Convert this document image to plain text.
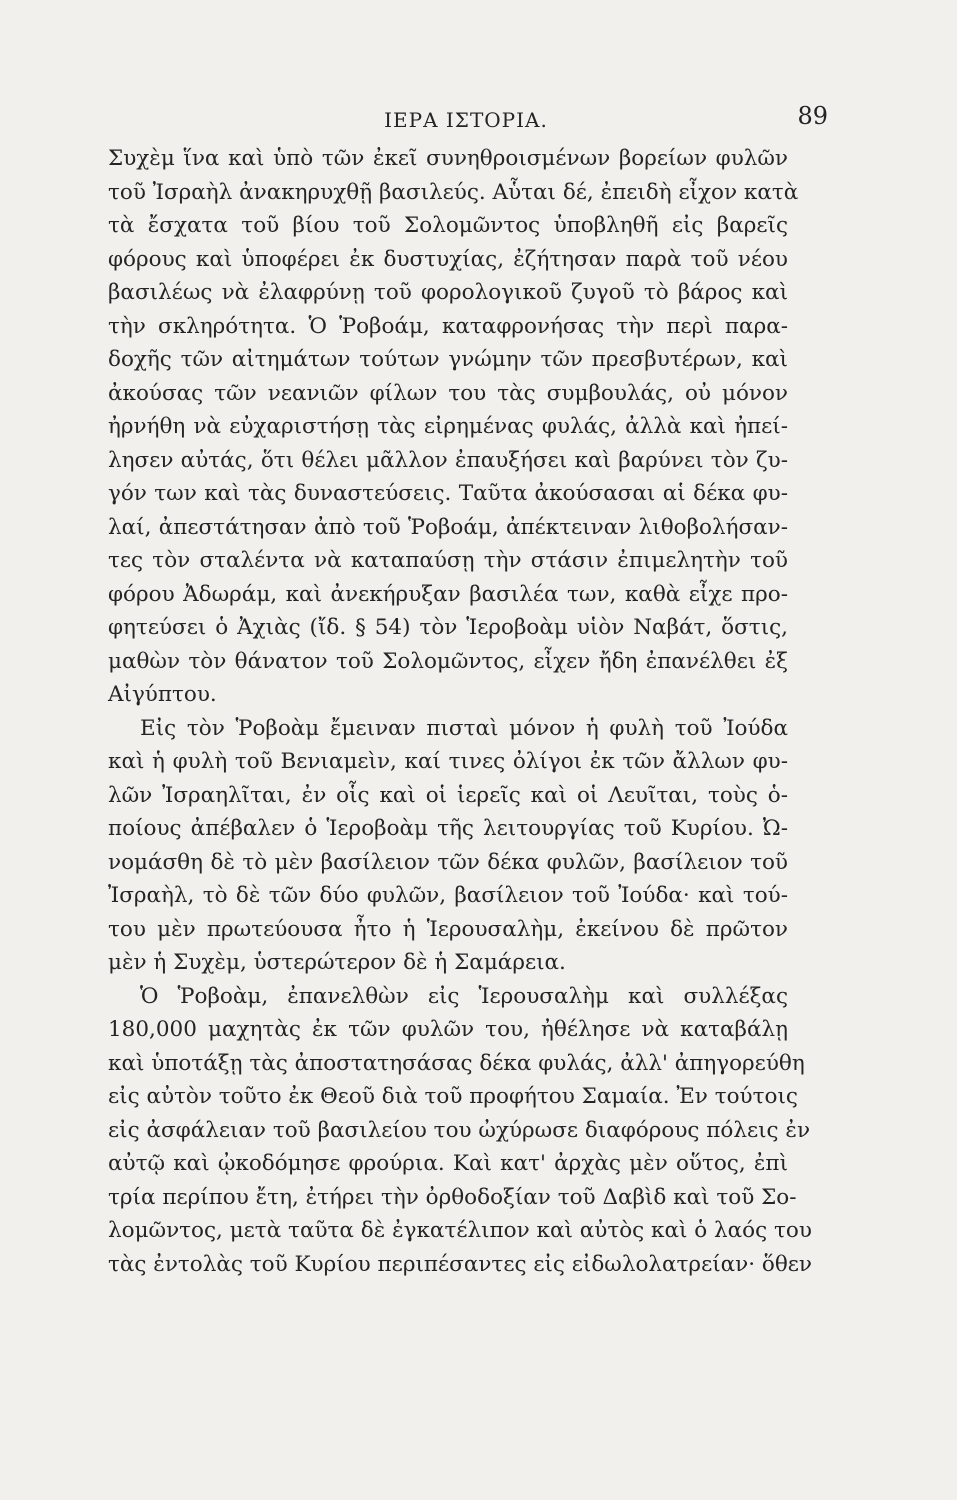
ΙΕΡΑ ΙΣΤΟΡΙΑ.	89
Συχὲμ ἵνα καὶ ὑπὸ τῶν ἐκεῖ συνηθροισμένων βορείων φυλῶν
τοῦ Ἰσραὴλ ἀνακηρυχθῇ βασιλεύς. Αὗται δέ, ἐπειδὴ εἶχον κατὰ
τὰ ἔσχατα τοῦ βίου τοῦ Σολομῶντος ὑποβληθῆ εἰς βαρεῖς
φόρους καὶ ὑποφέρει ἐκ δυστυχίας, ἐζήτησαν παρὰ τοῦ νέου
βασιλέως νὰ ἐλαφρύνῃ τοῦ φορολογικοῦ ζυγοῦ τὸ βάρος καὶ
τὴν σκληρότητα. Ὁ Ῥοβοάμ, καταφρονήσας τὴν περὶ παρα-
δοχῆς τῶν αἰτημάτων τούτων γνώμην τῶν πρεσβυτέρων, καὶ
ἀκούσας τῶν νεανιῶν φίλων του τὰς συμβουλάς, οὐ μόνον
ἠρνήθη νὰ εὐχαριστήσῃ τὰς εἰρημένας φυλάς, ἀλλὰ καὶ ἠπεί-
λησεν αὐτάς, ὅτι θέλει μᾶλλον ἐπαυξήσει καὶ βαρύνει τὸν ζυ-
γόν των καὶ τὰς δυναστεύσεις. Ταῦτα ἀκούσασαι αἱ δέκα φυ-
λαί, ἀπεστάτησαν ἀπὸ τοῦ Ῥοβοάμ, ἀπέκτειναν λιθοβολήσαν-
τες τὸν σταλέντα νὰ καταπαύσῃ τὴν στάσιν ἐπιμελητὴν τοῦ
φόρου Ἀδωράμ, καὶ ἀνεκήρυξαν βασιλέα των, καθὰ εἶχε προ-
φητεύσει ὁ Ἀχιὰς (ἴδ. § 54) τὸν Ἱεροβοὰμ υἱὸν Ναβάτ, ὅστις,
μαθὼν τὸν θάνατον τοῦ Σολομῶντος, εἶχεν ἤδη ἐπανέλθει ἐξ
Αἰγύπτου.
Εἰς τὸν Ῥοβοὰμ ἔμειναν πισταὶ μόνον ἡ φυλὴ τοῦ Ἰούδα
καὶ ἡ φυλὴ τοῦ Βενιαμεὶν, καί τινες ὀλίγοι ἐκ τῶν ἄλλων φυ-
λῶν Ἰσραηλῖται, ἐν οἷς καὶ οἱ ἱερεῖς καὶ οἱ Λευῖται, τοὺς ὁ-
ποίους ἀπέβαλεν ὁ Ἱεροβοὰμ τῆς λειτουργίας τοῦ Κυρίου. Ὠ-
νομάσθη δὲ τὸ μὲν βασίλειον τῶν δέκα φυλῶν, βασίλειον τοῦ
Ἰσραὴλ, τὸ δὲ τῶν δύο φυλῶν, βασίλειον τοῦ Ἰούδα· καὶ τού-
του μὲν πρωτεύουσα ἦτο ἡ Ἱερουσαλὴμ, ἐκείνου δὲ πρῶτον
μὲν ἡ Συχὲμ, ὑστερώτερον δὲ ἡ Σαμάρεια.
Ὁ Ῥοβοὰμ, ἐπανελθὼν εἰς Ἱερουσαλὴμ καὶ συλλέξας
180,000 μαχητὰς ἐκ τῶν φυλῶν του, ἠθέλησε νὰ καταβάλῃ
καὶ ὑποτάξῃ τὰς ἀποστατησάσας δέκα φυλάς, ἀλλ' ἀπηγορεύθη
εἰς αὐτὸν τοῦτο ἐκ Θεοῦ διὰ τοῦ προφήτου Σαμαία. Ἐν τούτοις
εἰς ἀσφάλειαν τοῦ βασιλείου του ὠχύρωσε διαφόρους πόλεις ἐν
αὐτῷ καὶ ᾠκοδόμησε φρούρια. Καὶ κατ' ἀρχὰς μὲν οὕτος, ἐπὶ
τρία περίπου ἔτη, ἐτήρει τὴν ὀρθοδοξίαν τοῦ Δαβὶδ καὶ τοῦ Σο-
λομῶντος, μετὰ ταῦτα δὲ ἐγκατέλιπον καὶ αὐτὸς καὶ ὁ λαός του
τὰς ἐντολὰς τοῦ Κυρίου περιπέσαντες εἰς εἰδωλολατρείαν· ὅθεν
